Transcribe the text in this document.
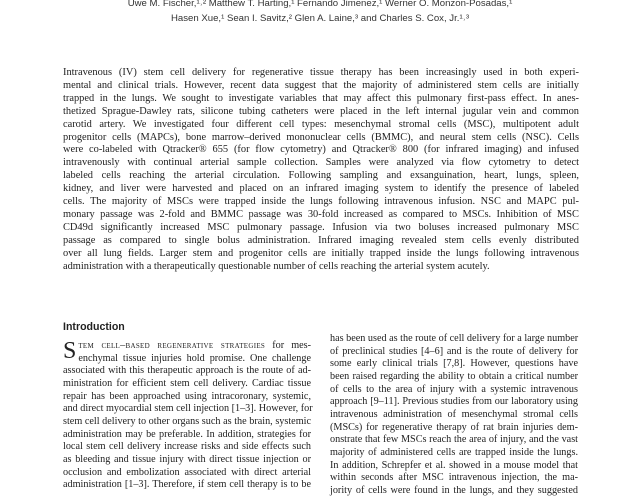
Uwe M. Fischer,¹˒² Matthew T. Harting,¹ Fernando Jimenez,¹ Werner O. Monzon-Posadas,¹
Hasen Xue,¹ Sean I. Savitz,² Glen A. Laine,³ and Charles S. Cox, Jr.¹˒³
Intravenous (IV) stem cell delivery for regenerative tissue therapy has been increasingly used in both experi-
mental and clinical trials. However, recent data suggest that the majority of administered stem cells are initially
trapped in the lungs. We sought to investigate variables that may affect this pulmonary first-pass effect. In anes-
thetized Sprague-Dawley rats, silicone tubing catheters were placed in the left internal jugular vein and common
carotid artery. We investigated four different cell types: mesenchymal stromal cells (MSC), multipotent adult
progenitor cells (MAPCs), bone marrow–derived mononuclear cells (BMMC), and neural stem cells (NSC). Cells
were co-labeled with Qtracker® 655 (for flow cytometry) and Qtracker® 800 (for infrared imaging) and infused
intravenously with continual arterial sample collection. Samples were analyzed via flow cytometry to detect
labeled cells reaching the arterial circulation. Following sampling and exsanguination, heart, lungs, spleen,
kidney, and liver were harvested and placed on an infrared imaging system to identify the presence of labeled
cells. The majority of MSCs were trapped inside the lungs following intravenous infusion. NSC and MAPC pul-
monary passage was 2-fold and BMMC passage was 30-fold increased as compared to MSCs. Inhibition of MSC
CD49d significantly increased MSC pulmonary passage. Infusion via two boluses increased pulmonary MSC
passage as compared to single bolus administration. Infrared imaging revealed stem cells evenly distributed
over all lung fields. Larger stem and progenitor cells are initially trapped inside the lungs following intravenous
administration with a therapeutically questionable number of cells reaching the arterial system acutely.
Introduction
S tem cell–based regenerative strategies for mes-
enchymal tissue injuries hold promise. One challenge
associated with this therapeutic approach is the route of ad-
ministration for efficient stem cell delivery. Cardiac tissue
repair has been approached using intracoronary, systemic,
and direct myocardial stem cell injection [1–3]. However, for
stem cell delivery to other organs such as the brain, systemic
administration may be preferable. In addition, strategies for
local stem cell delivery increase risks and side effects such
as bleeding and tissue injury with direct tissue injection or
occlusion and embolization associated with direct arterial
administration [1–3]. Therefore, if stem cell therapy is to be
has been used as the route of cell delivery for a large number
of preclinical studies [4–6] and is the route of delivery for
some early clinical trials [7,8]. However, questions have
been raised regarding the ability to obtain a critical number
of cells to the area of injury with a systemic intravenous
approach [9–11]. Previous studies from our laboratory using
intravenous administration of mesenchymal stromal cells
(MSCs) for regenerative therapy of rat brain injuries dem-
onstrate that few MSCs reach the area of injury, and the vast
majority of administered cells are trapped inside the lungs.
In addition, Schrepfer et al. showed in a mouse model that
within seconds after MSC intravenous injection, the ma-
jority of cells were found in the lungs, and they suggested
